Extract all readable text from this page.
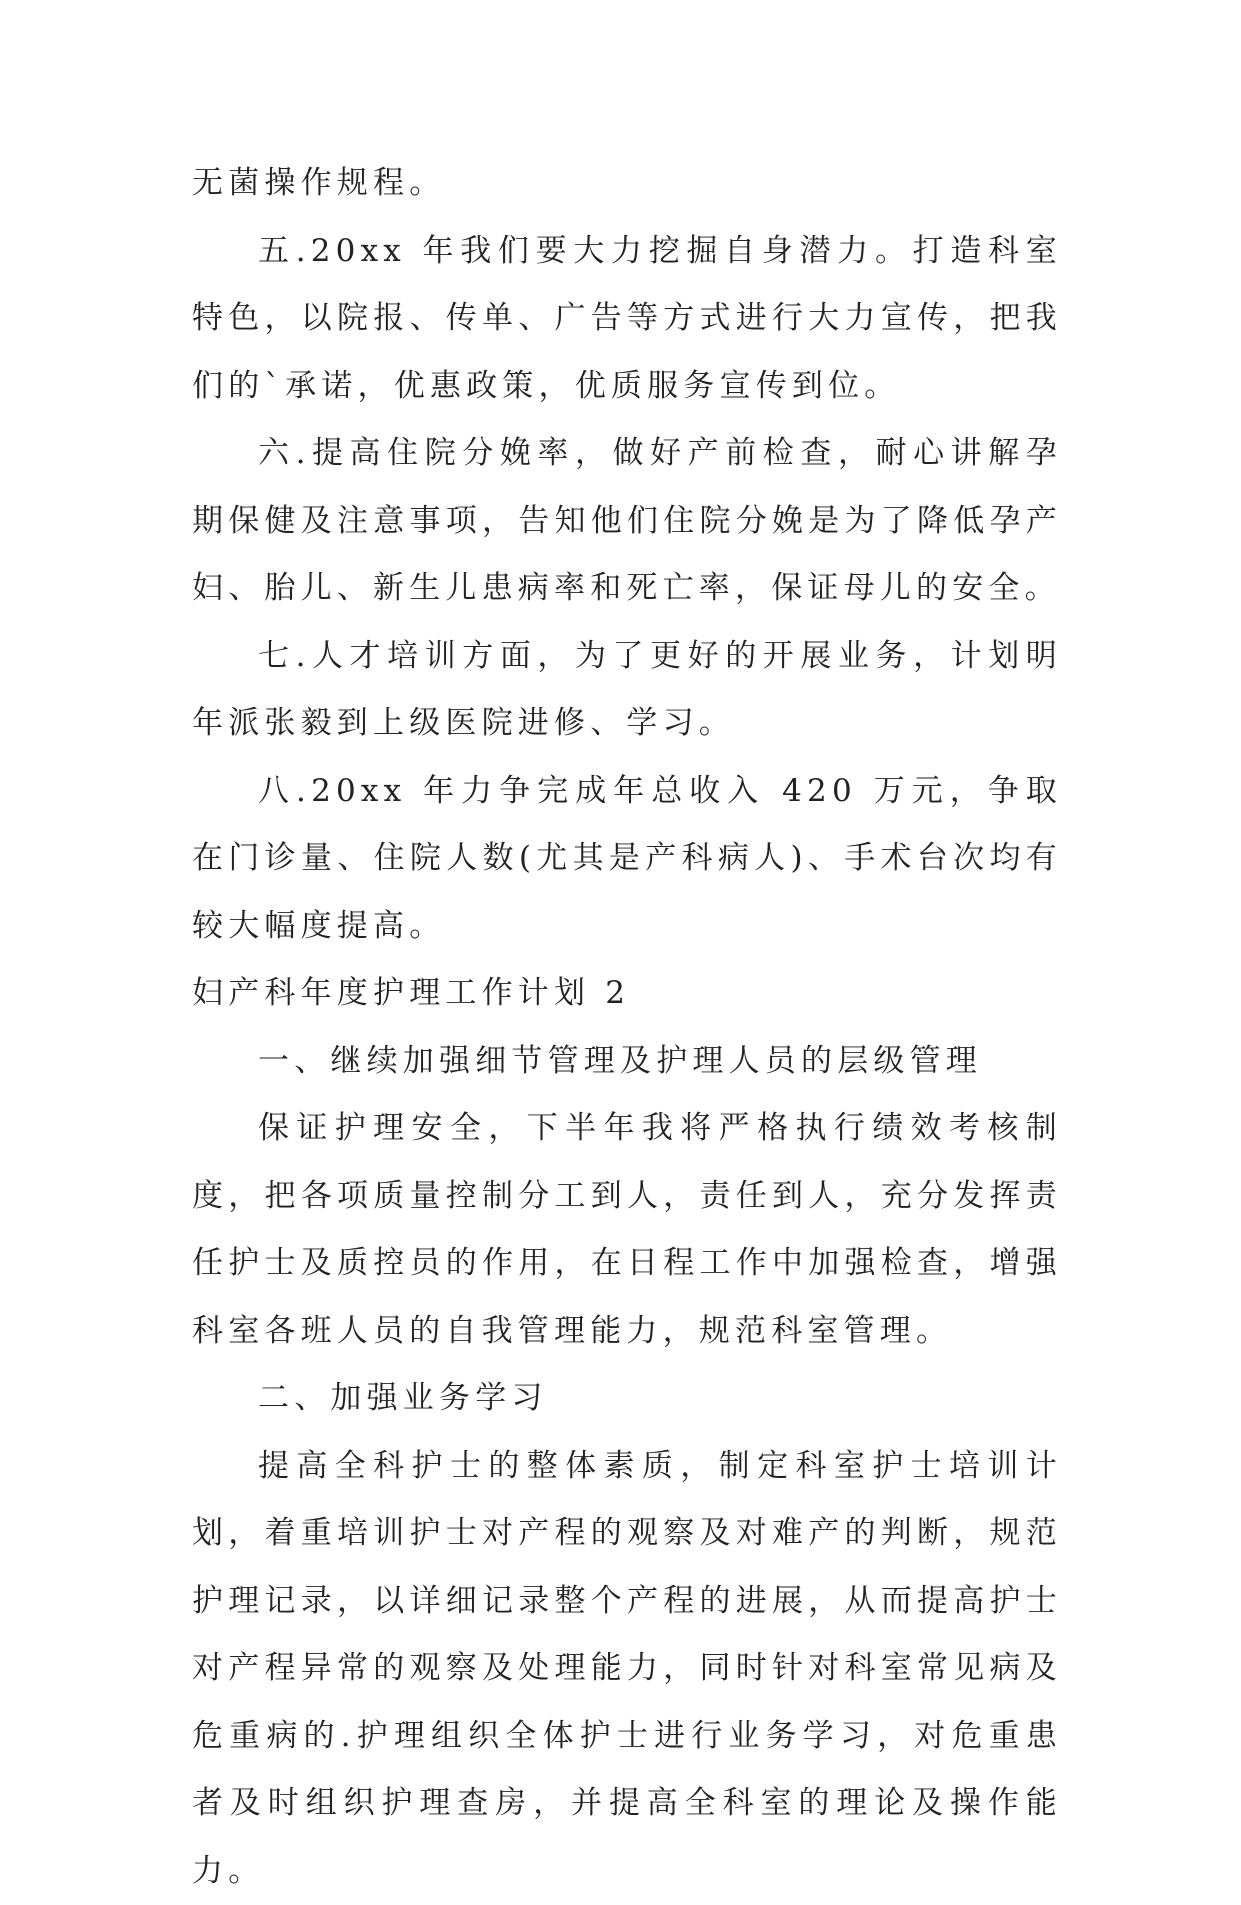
无菌操作规程。

五.20xx 年我们要大力挖掘自身潜力。打造科室特色，以院报、传单、广告等方式进行大力宣传，把我们的`承诺，优惠政策，优质服务宣传到位。

六.提高住院分娩率，做好产前检查，耐心讲解孕期保健及注意事项，告知他们住院分娩是为了降低孕产妇、胎儿、新生儿患病率和死亡率，保证母儿的安全。

七.人才培训方面，为了更好的开展业务，计划明年派张毅到上级医院进修、学习。

八.20xx 年力争完成年总收入 420 万元，争取在门诊量、住院人数(尤其是产科病人)、手术台次均有较大幅度提高。

妇产科年度护理工作计划 2

一、继续加强细节管理及护理人员的层级管理

保证护理安全，下半年我将严格执行绩效考核制度，把各项质量控制分工到人，责任到人，充分发挥责任护士及质控员的作用，在日程工作中加强检查，增强科室各班人员的自我管理能力，规范科室管理。

二、加强业务学习

提高全科护士的整体素质，制定科室护士培训计划，着重培训护士对产程的观察及对难产的判断，规范护理记录，以详细记录整个产程的进展，从而提高护士对产程异常的观察及处理能力，同时针对科室常见病及危重病的.护理组织全体护士进行业务学习，对危重患者及时组织护理查房，并提高全科室的理论及操作能力。
